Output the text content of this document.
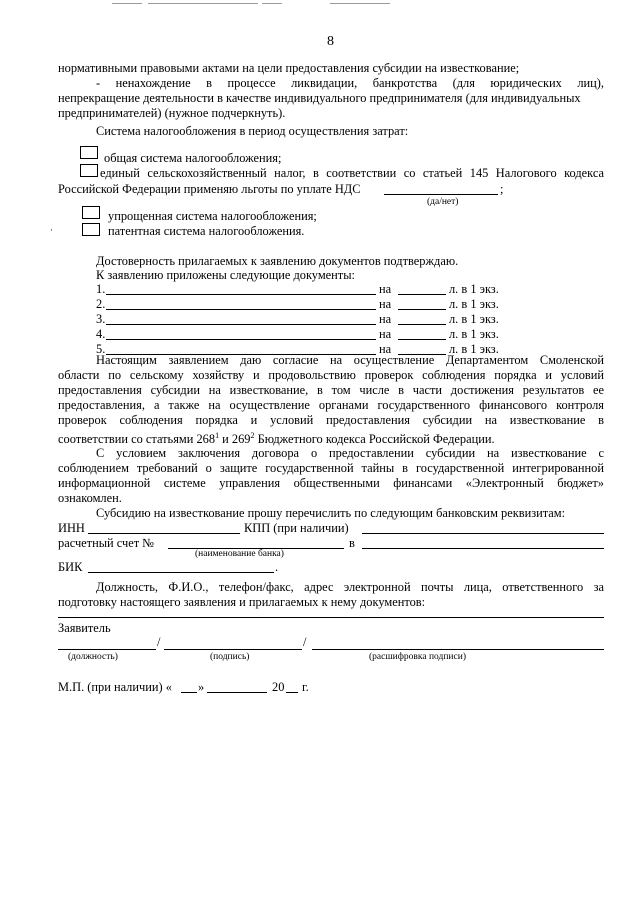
8
нормативными правовыми актами на цели предоставления субсидии на известкование;
- ненахождение в процессе ликвидации, банкротства (для юридических лиц),
непрекращение деятельности в качестве индивидуального предпринимателя (для индивидуальных
предпринимателей) (нужное подчеркнуть).
Система налогообложения в период осуществления затрат:
общая система налогообложения;
единый сельскохозяйственный налог, в соответствии со статьей 145 Налогового кодекса
Российской Федерации применяю льготы по уплате НДС	;
(да/нет)
упрощенная система налогообложения;
патентная система налогообложения.
·
Достоверность прилагаемых к заявлению документов подтверждаю.
К заявлению приложены следующие документы:
1.	на	л. в 1 экз.
2.	на	л. в 1 экз.
3.	на	л. в 1 экз.
4.	на	л. в 1 экз.
5.	на	л. в 1 экз.
Настоящим заявлением даю согласие на осуществление Департаментом Смоленской
области по сельскому хозяйству и продовольствию проверок соблюдения порядка и условий
предоставления субсидии на известкование, в том числе в части достижения результатов ее
предоставления, а также на осуществление органами государственного финансового контроля
проверок соблюдения порядка и условий предоставления субсидии на известкование в
соответствии со статьями $268^1$ и $269^2$ Бюджетного кодекса Российской Федерации.
С условием заключения договора о предоставлении субсидии на известкование с
соблюдением требований о защите государственной тайны в государственной интегрированной
информационной системе управления общественными финансами «Электронный бюджет»
ознакомлен.
Субсидию на известкование прошу перечислить по следующим банковским реквизитам:
ИНН	КПП (при наличии)
расчетный счет №	в
(наименование банка)
БИК	.
Должность, Ф.И.О., телефон/факс, адрес электронной почты лица, ответственного за
подготовку настоящего заявления и прилагаемых к нему документов:
Заявитель
/	/
(должность)	(подпись)	(расшифровка подписи)
М.П. (при наличии) « »	20 г.
